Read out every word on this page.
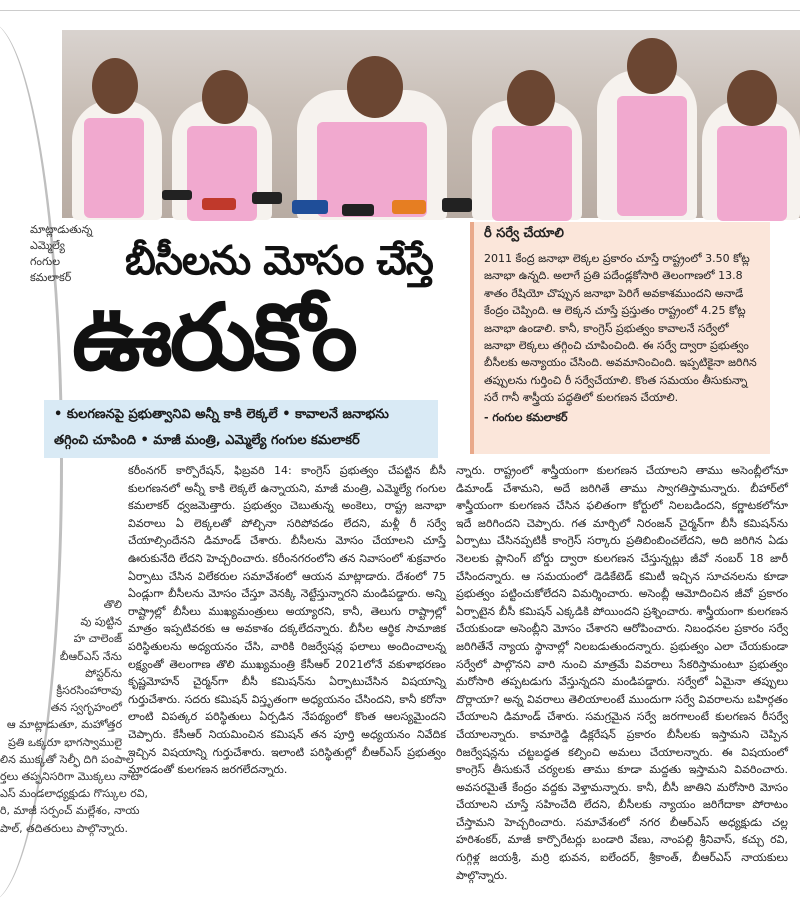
తొలి
వు పుట్టిన
హ చాలెంజ్
బీఆర్ఎస్ నేను
పోస్టర్‌ను
క్రీసరసింహారావు
తన స్వగృహంలో
ఆ మాట్లాడుతూ, మహోత్తర
ప్రతి ఒక్కరూ భాగస్వాములై
లిన ముక్కతో సెల్ఫీ దిగి పంపాల
ర్తలు తప్పనిసరిగా మొక్కలు నాటా
ఎస్ మండలాధ్యక్షుడు గొస్కుల రవి,
రి, మాజీ సర్పంచ్ మల్లేశం, నాయ
పాల్, తదితరులు పాల్గొన్నారు.
మాట్లాడుతున్న
ఎమ్మెల్యే గంగుల
కమలాకర్	బీసీలను మోసం చేస్తే
ఊరుకోం
• కులగణనపై ప్రభుత్వానివి అన్నీ కాకి లెక్కలే • కావాలనే జనాభను
తగ్గించి చూపింది • మాజీ మంత్రి, ఎమ్మెల్యే గంగుల కమలాకర్
రీ సర్వే చేయాలి
2011 కేంద్ర జనాభా లెక్కల ప్రకారం చూస్తే రాష్ట్రంలో 3.50 కోట్ల జనాభా ఉన్నది. అలాగే ప్రతి పదేండ్లకోసారి తెలంగాణలో 13.8 శాతం రేషియో చొప్పున జనాభా పెరిగే అవకాశముందని అనాడే కేంద్రం చెప్పింది. ఆ లెక్కన చూస్తే ప్రస్తుతం రాష్ట్రంలో 4.25 కోట్ల జనాభా ఉండాలి. కానీ, కాంగ్రెస్ ప్రభుత్వం కావాలనే సర్వేలో జనాభా లెక్కలు తగ్గించి చూపించింది. ఈ సర్వే ద్వారా ప్రభుత్వం బీసీలకు అన్యాయం చేసింది. అవమానించింది. ఇప్పటికైనా జరిగిన తప్పులను గుర్తించి రీ సర్వేచేయాలి. కొంత సమయం తీసుకున్నా సరే గానీ శాస్త్రీయ పద్ధతిలో కులగణన చేయాలి.
- గంగుల కమలాకర్

కరీంనగర్ కార్పొరేషన్, ఫిబ్రవరి 14: కాంగ్రెస్ ప్రభుత్వం చేపట్టిన బీసీ కులగణనలో అన్నీ కాకి లెక్కలే ఉన్నాయని, మాజీ మంత్రి, ఎమ్మెల్యే గంగుల కమలాకర్ ధ్వజమెత్తారు. ప్రభుత్వం చెబుతున్న అంకెలు, రాష్ట్ర జనాభా వివరాలు ఏ లెక్కలతో పోల్చినా సరిపోవడం లేదని, మళ్లీ రీ సర్వే చేయాల్సిందేనని డిమాండ్ చేశారు. బీసీలను మోసం చేయాలని చూస్తే ఊరుకునేది లేదని హెచ్చరించారు. కరీంనగరంలోని తన నివాసంలో శుక్రవారం ఏర్పాటు చేసిన విలేకరుల సమావేశంలో ఆయన మాట్లాడారు. దేశంలో 75 ఏండ్లుగా బీసీలను మోసం చేస్తూ వెనక్కి నెట్టేస్తున్నారని మండిపడ్డారు. అన్ని రాష్ట్రాల్లో బీసీలు ముఖ్యమంత్రులు అయ్యారని, కానీ, తెలుగు రాష్ట్రాల్లో మాత్రం ఇప్పటివరకు ఆ అవకాశం దక్కలేదన్నారు. బీసీల ఆర్థిక సామాజిక పరిస్థితులను అధ్యయనం చేసి, వారికి రిజర్వేషన్ల ఫలాలు అందించాలన్న లక్ష్యంతో తెలంగాణ తొలి ముఖ్యమంత్రి కేసీఆర్ 2021లోనే వకుళాభరణం కృష్ణమోహన్ చైర్మన్‌గా బీసీ కమిషన్‌ను ఏర్పాటుచేసిన విషయాన్ని గుర్తుచేశారు. సదరు కమిషన్ విస్తృతంగా అధ్యయనం చేసిందని, కానీ కరోనా లాంటి విపత్కర పరిస్థితులు ఏర్పడిన నేపథ్యంలో కొంత ఆలస్యమైందని చెప్పారు. కేసీఆర్ నియమించిన కమిషన్ తన పూర్తి అధ్యయనం నివేదిక ఇచ్చిన విషయాన్ని గుర్తుచేశారు. ఇలాంటి పరిస్థితుల్లో బీఆర్ఎస్ ప్రభుత్వం మారడంతో కులగణన జరగలేదన్నారు.

న్నారు. రాష్ట్రంలో శాస్త్రీయంగా కులగణన చేయాలని తాము అసెంబ్లీలోనూ డిమాండ్ చేశామని, అదే జరిగితే తాము స్వాగతిస్తామన్నారు. బీహార్‌లో శాస్త్రీయంగా కులగణన చేసిన ఫలితంగా కోర్టులో నిలబడిందని, కర్ణాటకలోనూ ఇదే జరిగిందని చెప్పారు. గత మార్చిలో నిరంజన్ చైర్మన్‌గా బీసీ కమిషన్‌ను ఏర్పాటు చేసినప్పటికీ కాంగ్రెస్ సర్కారు ప్రతిబింబించలేదని, అది జరిగిన ఏడు నెలలకు ప్లానింగ్ బోర్డు ద్వారా కులగణన చేస్తున్నట్లు జీవో నంబర్ 18 జారీ చేసిందన్నారు. ఆ సమయంలో డెడికేటెడ్ కమిటీ ఇచ్చిన సూచనలను కూడా ప్రభుత్వం పట్టించుకోలేదని విమర్శించారు. అసెంబ్లీ ఆమోదించిన జీవో ప్రకారం ఏర్పాటైన బీసీ కమిషన్ ఎక్కడికి పోయిందని ప్రశ్నించారు. శాస్త్రీయంగా కులగణన చేయకుండా అసెంబ్లీని మోసం చేశారని ఆరోపించారు. నిబంధనల ప్రకారం సర్వే జరిగితేనే న్యాయ స్థానాల్లో నిలబడుతుందన్నారు. ప్రభుత్వం ఎలా చేయకుండా సర్వేలో పాల్గొనని వారి నుంచి మాత్రమే వివరాలు సేకరిస్తామంటూ ప్రభుత్వం మరోసారి తప్పటడుగు వేస్తున్నదని మండిపడ్డారు. సర్వేలో ఏమైనా తప్పులు దొర్లాయా? అన్న వివరాలు తెలియాలంటే ముందుగా సర్వే వివరాలను బహిర్గతం చేయాలని డిమాండ్ చేశారు. సమగ్రమైన సర్వే జరగాలంటే కులగణన రీసర్వే చేయాలన్నారు. కామారెడ్డి డిక్లరేషన్ ప్రకారం బీసీలకు ఇస్తామని చెప్పిన రిజర్వేషన్లను చట్టబద్ధత కల్పించి అమలు చేయాలన్నారు. ఈ విషయంలో కాంగ్రెస్ తీసుకునే చర్యలకు తాము కూడా మద్దతు ఇస్తామని వివరించారు. అవసరమైతే కేంద్రం వద్దకు వెళ్తామన్నారు. కానీ, బీసీ జాతిని మరోసారి మోసం చేయాలని చూస్తే సహించేది లేదని, బీసీలకు న్యాయం జరిగేదాకా పోరాటం చేస్తామని హెచ్చరించారు. సమావేశంలో నగర బీఆర్ఎస్ అధ్యక్షుడు చల్ల హరిశంకర్, మాజీ కార్పొరేటర్లు బండారి వేణు, నాంపల్లి శ్రీనివాస్, కచ్చు రవి, గుగ్గిళ్ల జయశ్రీ, మర్రి భువన, ఐలేందర్, శ్రీకాంత్, బీఆర్ఎస్ నాయకులు పాల్గొన్నారు.
